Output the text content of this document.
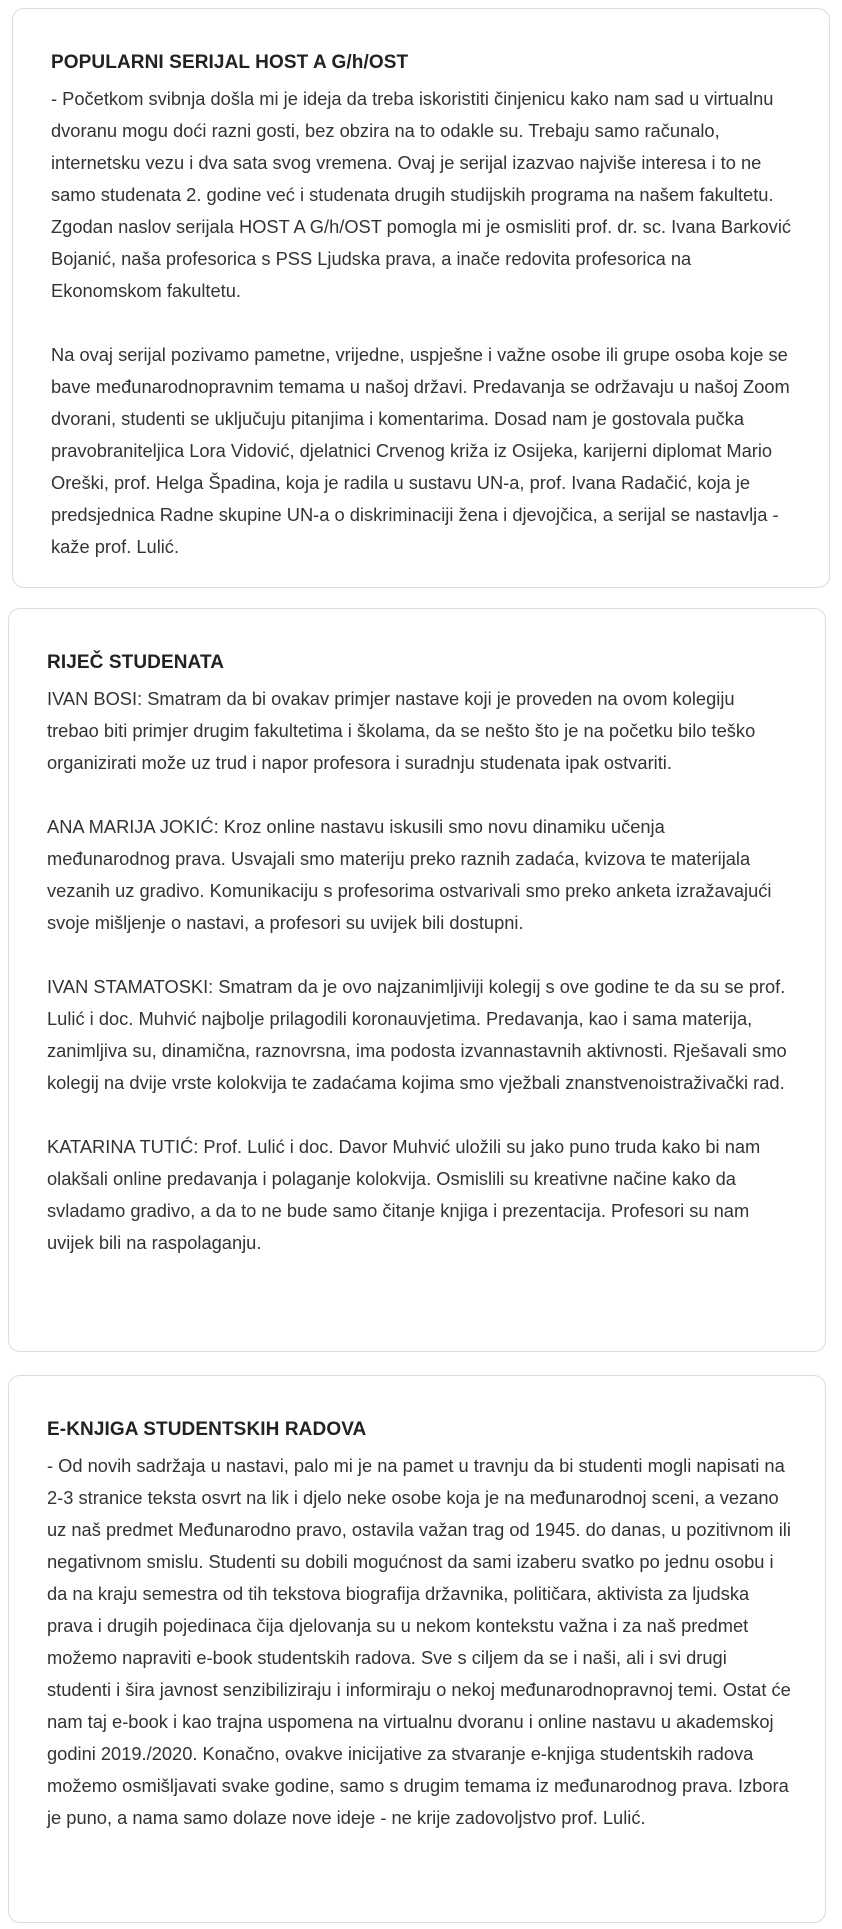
POPULARNI SERIJAL HOST A G/h/OST

- Početkom svibnja došla mi je ideja da treba iskoristiti činjenicu kako nam sad u virtualnu dvoranu mogu doći razni gosti, bez obzira na to odakle su. Trebaju samo računalo, internetsku vezu i dva sata svog vremena. Ovaj je serijal izazvao najviše interesa i to ne samo studenata 2. godine već i studenata drugih studijskih programa na našem fakultetu. Zgodan naslov serijala HOST A G/h/OST pomogla mi je osmisliti prof. dr. sc. Ivana Barković Bojanić, naša profesorica s PSS Ljudska prava, a inače redovita profesorica na Ekonomskom fakultetu.

Na ovaj serijal pozivamo pametne, vrijedne, uspješne i važne osobe ili grupe osoba koje se bave međunarodnopravnim temama u našoj državi. Predavanja se održavaju u našoj Zoom dvorani, studenti se uključuju pitanjima i komentarima. Dosad nam je gostovala pučka pravobraniteljica Lora Vidović, djelatnici Crvenog križa iz Osijeka, karijerni diplomat Mario Oreški, prof. Helga Špadina, koja je radila u sustavu UN-a, prof. Ivana Radačić, koja je predsjednica Radne skupine UN-a o diskriminaciji žena i djevojčica, a serijal se nastavlja - kaže prof. Lulić.

RIJEČ STUDENATA

IVAN BOSI: Smatram da bi ovakav primjer nastave koji je proveden na ovom kolegiju trebao biti primjer drugim fakultetima i školama, da se nešto što je na početku bilo teško organizirati može uz trud i napor profesora i suradnju studenata ipak ostvariti.

ANA MARIJA JOKIĆ: Kroz online nastavu iskusili smo novu dinamiku učenja međunarodnog prava. Usvajali smo materiju preko raznih zadaća, kvizova te materijala vezanih uz gradivo. Komunikaciju s profesorima ostvarivali smo preko anketa izražavajući svoje mišljenje o nastavi, a profesori su uvijek bili dostupni.

IVAN STAMATOSKI: Smatram da je ovo najzanimljiviji kolegij s ove godine te da su se prof. Lulić i doc. Muhvić najbolje prilagodili koronauvjetima. Predavanja, kao i sama materija, zanimljiva su, dinamična, raznovrsna, ima podosta izvannastavnih aktivnosti. Rješavali smo kolegij na dvije vrste kolokvija te zadaćama kojima smo vježbali znanstvenoistraživački rad.

KATARINA TUTIĆ: Prof. Lulić i doc. Davor Muhvić uložili su jako puno truda kako bi nam olakšali online predavanja i polaganje kolokvija. Osmislili su kreativne načine kako da svladamo gradivo, a da to ne bude samo čitanje knjiga i prezentacija. Profesori su nam uvijek bili na raspolaganju.

E-KNJIGA STUDENTSKIH RADOVA

- Od novih sadržaja u nastavi, palo mi je na pamet u travnju da bi studenti mogli napisati na 2-3 stranice teksta osvrt na lik i djelo neke osobe koja je na međunarodnoj sceni, a vezano uz naš predmet Međunarodno pravo, ostavila važan trag od 1945. do danas, u pozitivnom ili negativnom smislu. Studenti su dobili mogućnost da sami izaberu svatko po jednu osobu i da na kraju semestra od tih tekstova biografija državnika, političara, aktivista za ljudska prava i drugih pojedinaca čija djelovanja su u nekom kontekstu važna i za naš predmet možemo napraviti e-book studentskih radova. Sve s ciljem da se i naši, ali i svi drugi studenti i šira javnost senzibiliziraju i informiraju o nekoj međunarodnopravnoj temi. Ostat će nam taj e-book i kao trajna uspomena na virtualnu dvoranu i online nastavu u akademskoj godini 2019./2020. Konačno, ovakve inicijative za stvaranje e-knjiga studentskih radova možemo osmišljavati svake godine, samo s drugim temama iz međunarodnog prava. Izbora je puno, a nama samo dolaze nove ideje - ne krije zadovoljstvo prof. Lulić.
